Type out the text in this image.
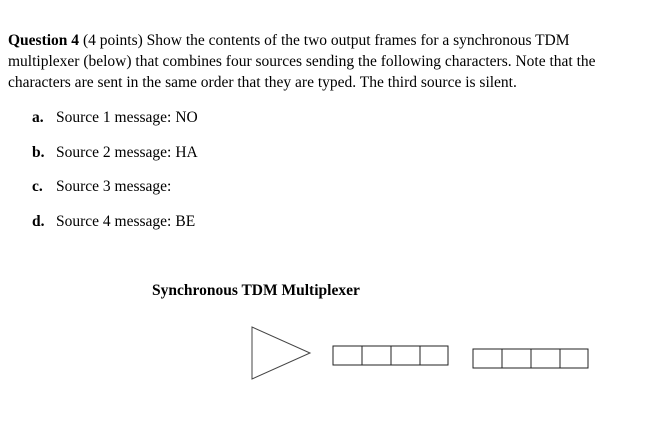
Question 4 (4 points) Show the contents of the two output frames for a synchronous TDM multiplexer (below) that combines four sources sending the following characters. Note that the characters are sent in the same order that they are typed. The third source is silent.

a. Source 1 message: NO
b. Source 2 message: HA
c. Source 3 message:
d. Source 4 message: BE

Synchronous TDM Multiplexer
